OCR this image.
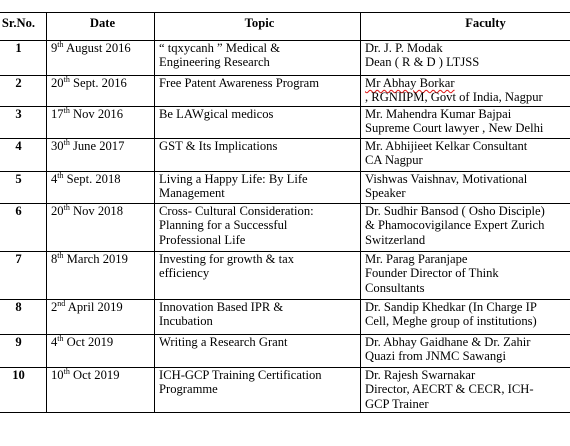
Sr.No.	Date	Topic	Faculty
1	9th August 2016	“ tqxycanh ” Medical &
Engineering Research	Dr. J. P. Modak
Dean ( R & D ) LTJSS

2	20th Sept. 2016	Free Patent Awareness Program	Mr Abhay Borkar
, RGNIIPM, Govt of India, Nagpur

3	17th Nov 2016	Be LAWgical medicos	Mr. Mahendra Kumar Bajpai
Supreme Court lawyer , New Delhi

4	30th June 2017	GST & Its Implications	Mr. Abhijieet Kelkar Consultant
CA Nagpur

5	4th Sept. 2018	Living a Happy Life: By Life
Management	Vishwas Vaishnav, Motivational
Speaker

6	20th Nov 2018	Cross- Cultural Consideration:
Planning for a Successful
Professional Life	Dr. Sudhir Bansod ( Osho Disciple)
& Phamocovigilance Expert Zurich
Switzerland

7	8th March 2019	Investing for growth & tax
efficiency	Mr. Parag Paranjape
Founder Director of Think
Consultants

8	2nd April 2019	Innovation Based IPR &
Incubation	Dr. Sandip Khedkar (In Charge IP
Cell, Meghe group of institutions)

9	4th Oct 2019	Writing a Research Grant	Dr. Abhay Gaidhane & Dr. Zahir
Quazi from JNMC Sawangi

10	10th Oct 2019	ICH-GCP Training Certification
Programme	Dr. Rajesh Swarnakar
Director, AECRT & CECR, ICH-
GCP Trainer
